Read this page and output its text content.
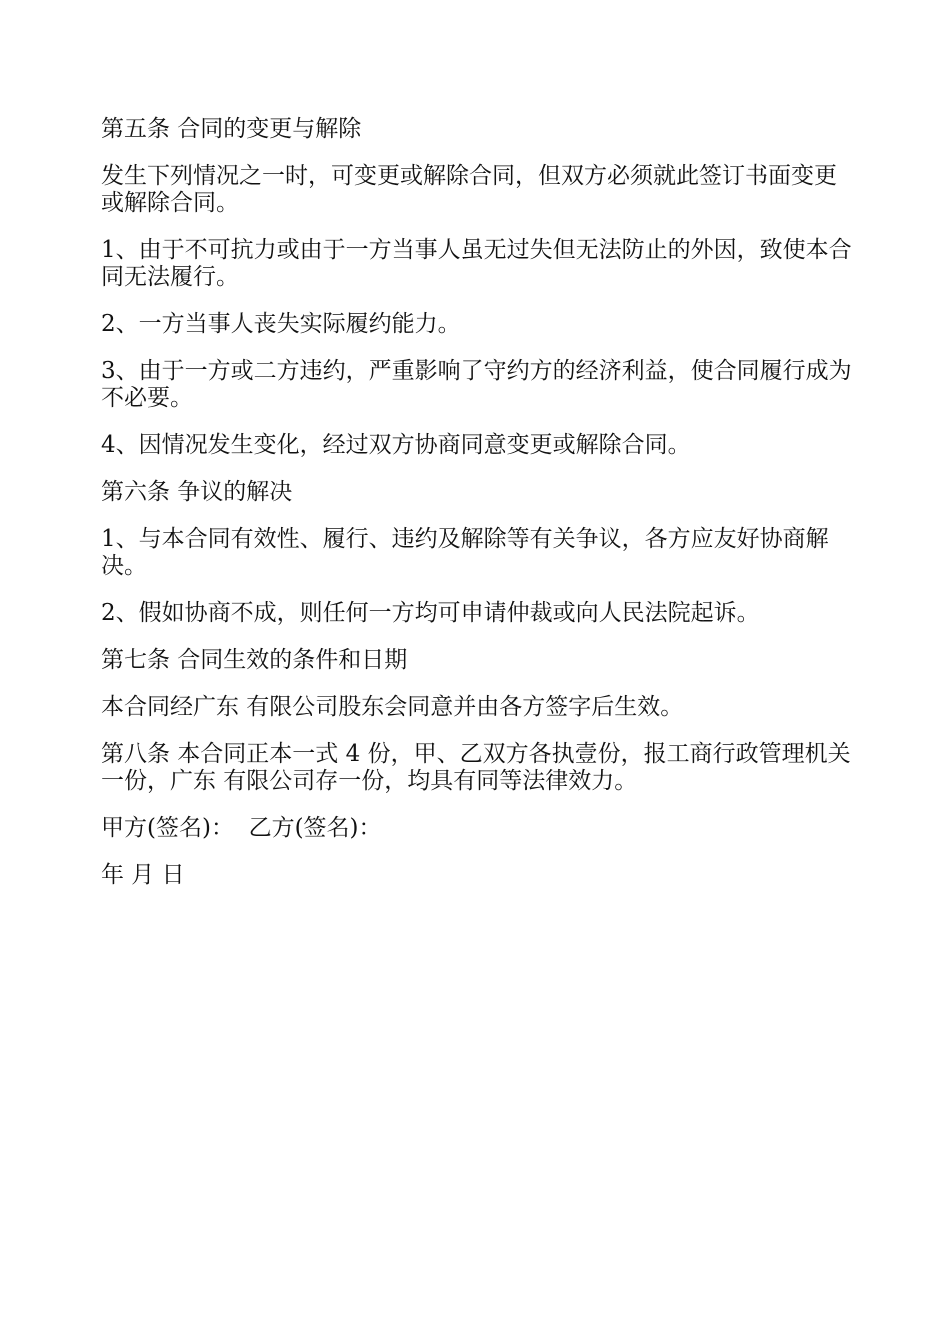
第五条 合同的变更与解除

发生下列情况之一时，可变更或解除合同，但双方必须就此签订书面变更或解除合同。

1、由于不可抗力或由于一方当事人虽无过失但无法防止的外因，致使本合同无法履行。

2、一方当事人丧失实际履约能力。

3、由于一方或二方违约，严重影响了守约方的经济利益，使合同履行成为不必要。

4、因情况发生变化，经过双方协商同意变更或解除合同。

第六条 争议的解决

1、与本合同有效性、履行、违约及解除等有关争议，各方应友好协商解决。

2、假如协商不成，则任何一方均可申请仲裁或向人民法院起诉。

第七条 合同生效的条件和日期

本合同经广东 有限公司股东会同意并由各方签字后生效。

第八条 本合同正本一式 4 份，甲、乙双方各执壹份，报工商行政管理机关一份，广东 有限公司存一份，均具有同等法律效力。

甲方(签名)：  乙方(签名)：

年 月 日
